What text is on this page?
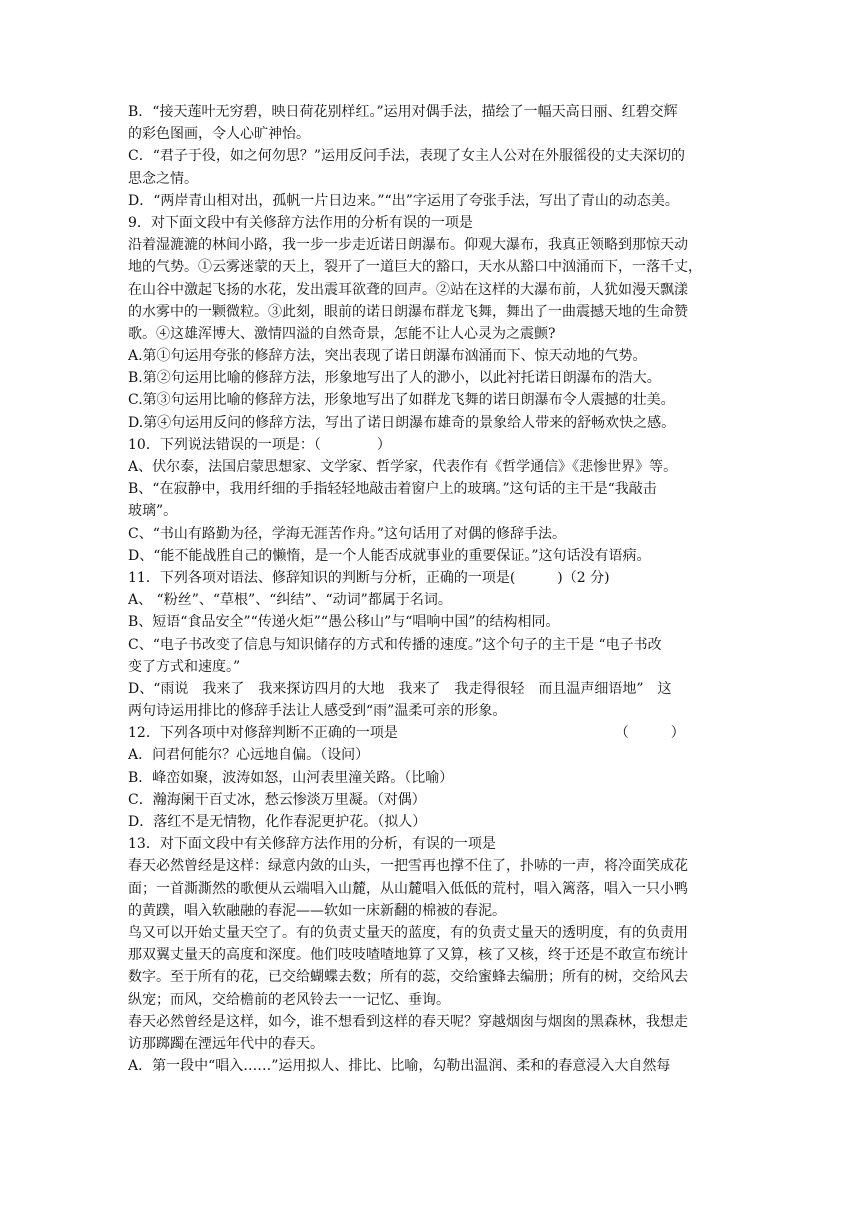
B．“接天莲叶无穷碧，映日荷花别样红。”运用对偶手法，描绘了一幅天高日丽、红碧交辉
的彩色图画，令人心旷神怡。
C．“君子于役，如之何勿思？”运用反问手法，表现了女主人公对在外服徭役的丈夫深切的
思念之情。
D．“两岸青山相对出，孤帆一片日边来。”“出”字运用了夸张手法，写出了青山的动态美。
9．对下面文段中有关修辞方法作用的分析有误的一项是
沿着湿漉漉的林间小路，我一步一步走近诺日朗瀑布。仰观大瀑布，我真正领略到那惊天动
地的气势。①云雾迷蒙的天上，裂开了一道巨大的豁口，天水从豁口中汹涌而下，一落千丈，
在山谷中激起飞扬的水花，发出震耳欲聋的回声。②站在这样的大瀑布前，人犹如漫天飘漾
的水雾中的一颗微粒。③此刻，眼前的诺日朗瀑布群龙飞舞，舞出了一曲震撼天地的生命赞
歌。④这雄浑博大、激情四溢的自然奇景，怎能不让人心灵为之震颤?
A.第①句运用夸张的修辞方法，突出表现了诺日朗瀑布汹涌而下、惊天动地的气势。
B.第②句运用比喻的修辞方法，形象地写出了人的渺小，以此衬托诺日朗瀑布的浩大。
C.第③句运用比喻的修辞方法，形象地写出了如群龙飞舞的诺日朗瀑布令人震撼的壮美。
D.第④句运用反问的修辞方法，写出了诺日朗瀑布雄奇的景象给人带来的舒畅欢快之感。
10．下列说法错误的一项是：（　　　　）
A、伏尔泰，法国启蒙思想家、文学家、哲学家，代表作有《哲学通信》《悲惨世界》等。
B、“在寂静中，我用纤细的手指轻轻地敲击着窗户上的玻璃。”这句话的主干是“我敲击
玻璃”。
C、“书山有路勤为径，学海无涯苦作舟。”这句话用了对偶的修辞手法。
D、“能不能战胜自己的懒惰，是一个人能否成就事业的重要保证。”这句话没有语病。
11．下列各项对语法、修辞知识的判断与分析，正确的一项是(　　　)（2 分)
A、 “粉丝”、“草根”、“纠结”、“动词”都属于名词。
B、短语“食品安全”“传递火炬”“愚公移山”与“唱响中国”的结构相同。
C、“电子书改变了信息与知识储存的方式和传播的速度。”这个句子的主干是 “电子书改
变了方式和速度。”
D、“雨说　我来了　我来探访四月的大地　我来了　我走得很轻　而且温声细语地”　这
两句诗运用排比的修辞手法让人感受到“雨”温柔可亲的形象。
12．下列各项中对修辞判断不正确的一项是　　　　　　　　　　　　　　　　（　　　）
A．问君何能尔？心远地自偏。（设问）
B．峰峦如聚，波涛如怒，山河表里潼关路。（比喻）
C．瀚海阑干百丈冰，愁云惨淡万里凝。（对偶）
D．落红不是无情物，化作春泥更护花。（拟人）
13．对下面文段中有关修辞方法作用的分析，有误的一项是
春天必然曾经是这样：绿意内敛的山头，一把雪再也撑不住了，扑哧的一声，将冷面笑成花
面；一首澌澌然的歌便从云端唱入山麓，从山麓唱入低低的荒村，唱入篱落，唱入一只小鸭
的黄蹼，唱入软融融的春泥——软如一床新翻的棉被的春泥。
鸟又可以开始丈量天空了。有的负责丈量天的蓝度，有的负责丈量天的透明度，有的负责用
那双翼丈量天的高度和深度。他们吱吱喳喳地算了又算，核了又核，终于还是不敢宣布统计
数字。至于所有的花，已交给蝴蝶去数；所有的蕊，交给蜜蜂去编册；所有的树，交给风去
纵宠；而风，交给檐前的老风铃去一一记忆、垂询。
春天必然曾经是这样，如今，谁不想看到这样的春天呢？穿越烟囱与烟囱的黑森林，我想走
访那踯躅在湮远年代中的春天。
A．第一段中“唱入……”运用拟人、排比、比喻，勾勒出温润、柔和的春意浸入大自然每
